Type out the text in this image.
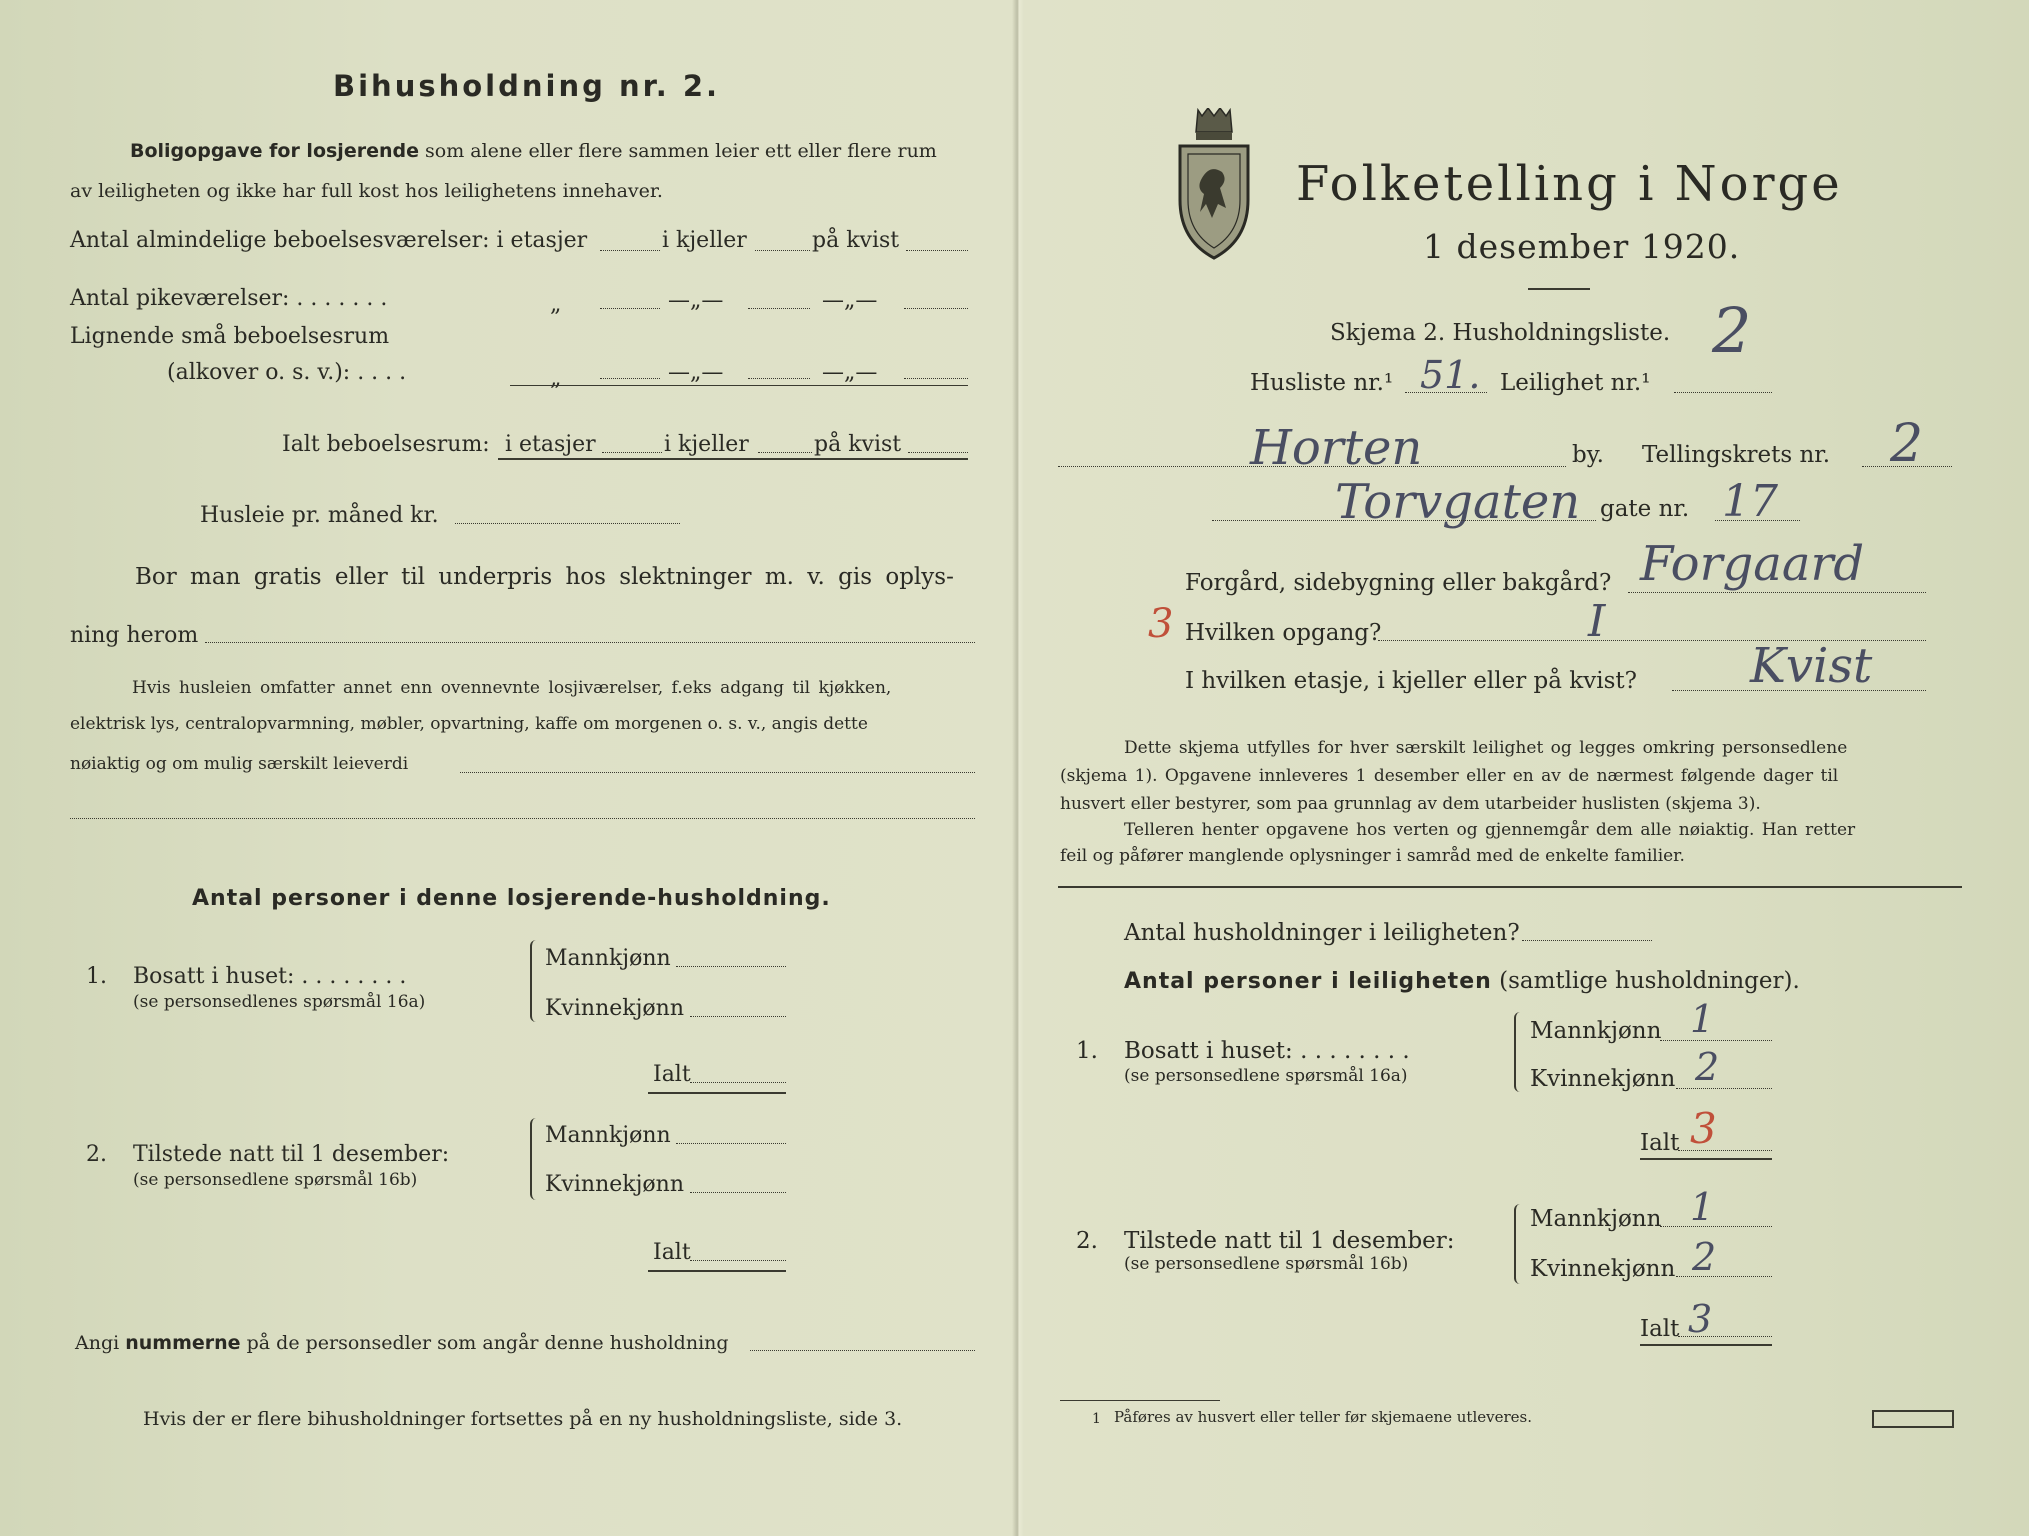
Bihusholdning nr. 2.
Boligopgave for losjerende som alene eller flere sammen leier ett eller flere rum
av leiligheten og ikke har full kost hos leilighetens innehaver.
Antal almindelige beboelsesværelser: i etasjer	i kjeller	på kvist
Antal pikeværelser: . . . . . . .	„	—„—	—„—
Lignende små beboelsesrum
(alkover o. s. v.): . . . .	„	—„—	—„—
Ialt beboelsesrum: i etasjer	i kjeller	på kvist
Husleie pr. måned kr.
Bor man gratis eller til underpris hos slektninger m. v. gis oplys-
ning herom
Hvis husleien omfatter annet enn ovennevnte losjiværelser, f.eks adgang til kjøkken,
elektrisk lys, centralopvarmning, møbler, opvartning, kaffe om morgenen o. s. v., angis dette
nøiaktig og om mulig særskilt leieverdi
Antal personer i denne losjerende-husholdning.
1. Bosatt i huset: . . . . . . . .
(se personsedlenes spørsmål 16a)
Mannkjønn
Kvinnekjønn
Ialt
2. Tilstede natt til 1 desember:
(se personsedlene spørsmål 16b)
Mannkjønn
Kvinnekjønn
Ialt
Angi nummerne på de personsedler som angår denne husholdning
Hvis der er flere bihusholdninger fortsettes på en ny husholdningsliste, side 3.
Folketelling i Norge
1 desember 1920.
Skjema 2. Husholdningsliste. 2
Husliste nr.¹ 51. Leilighet nr.¹
Horten	by. Tellingskrets nr. 2
Torvgaten gate nr. 17
Forgård, sidebygning eller bakgård? Forgaard
3 Hvilken opgang?	I
I hvilken etasje, i kjeller eller på kvist? Kvist
Dette skjema utfylles for hver særskilt leilighet og legges omkring personsedlene
(skjema 1). Opgavene innleveres 1 desember eller en av de nærmest følgende dager til
husvert eller bestyrer, som paa grunnlag av dem utarbeider huslisten (skjema 3).
Telleren henter opgavene hos verten og gjennemgår dem alle nøiaktig. Han retter
feil og påfører manglende oplysninger i samråd med de enkelte familier.
Antal husholdninger i leiligheten?
Antal personer i leiligheten (samtlige husholdninger).
1. Bosatt i huset: . . . . . . . .
(se personsedlene spørsmål 16a)
Mannkjønn 1
Kvinnekjønn 2
Ialt 3
2. Tilstede natt til 1 desember:
(se personsedlene spørsmål 16b)
Mannkjønn 1
Kvinnekjønn 2
Ialt 3
1 Påføres av husvert eller teller før skjemaene utleveres.
